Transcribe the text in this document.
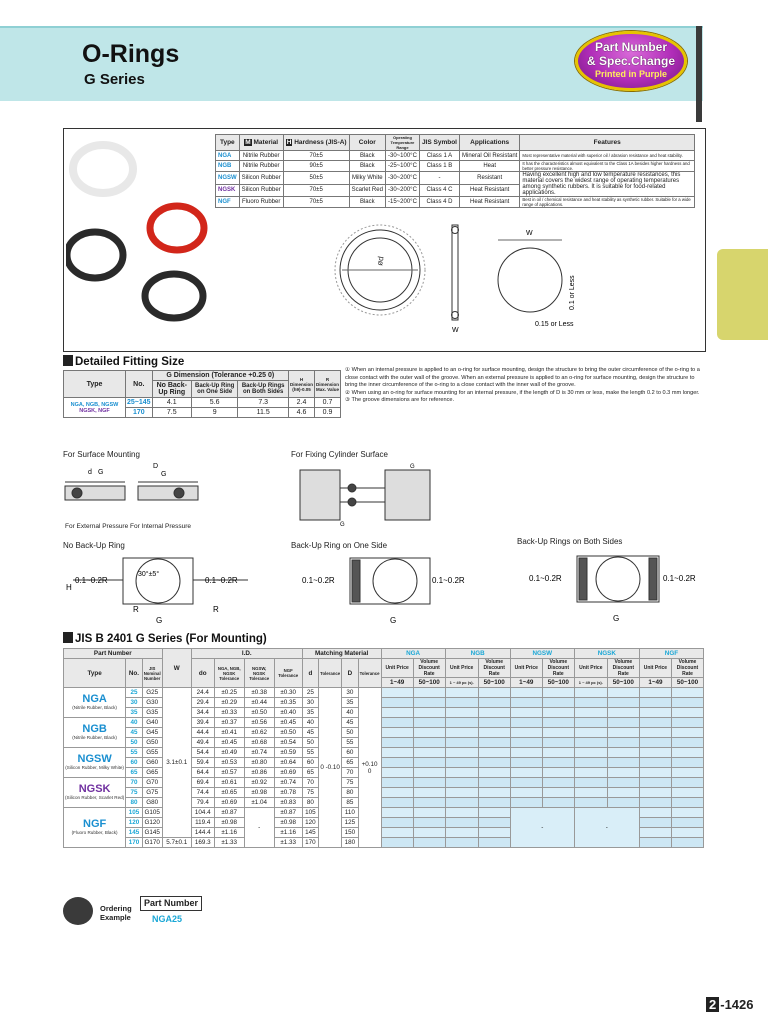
O-Rings
G Series
Part Number
& Spec.Change
Printed in Purple
Type	M Material	H Hardness (JIS-A)	Color	Operating Temperature Range	JIS Symbol	Applications	Features
NGA	Nitrile Rubber	70±5	Black	-30~100°C	Class 1 A	Mineral Oil Resistant	Most representative material with superior oil / abrasion resistance and heat stability.
NGB	Nitrile Rubber	90±5	Black	-25~100°C	Class 1 B	Heat	It has the characteristics almost equivalent to the Class 1A besides higher hardness and better pressure resistance.
NGSW	Silicon Rubber	50±5	Milky White	-30~200°C	-	Resistant	Having excellent high and low temperature resistances, this material covers the widest range of operating temperatures among synthetic rubbers. It is suitable for food-related applications.
NGSK	Silicon Rubber	70±5	Scarlet Red	-30~200°C	Class 4 C	Heat Resistant	
NGF	Fluoro Rubber	70±5	Black	-15~200°C	Class 4 D	Heat Resistant	Best in oil / chemical resistance and heat stability as synthetic rubber. Suitable for a wide range of applications.
ød
W
W
0.1 or Less
0.15 or Less
Detailed Fitting Size
Type	No.	G Dimension (Tolerance +0.25 0)			H Dimension (h9)-0.05	R Dimension Max. Value
		No Back-Up Ring	Back-Up Ring on One Side	Back-Up Rings on Both Sides		
NGA, NGB, NGSW
NGSK, NGF	25~145	4.1	5.6	7.3	2.4	0.7
	170	7.5	9	11.5	4.6	0.9
① When an internal pressure is applied to an o-ring for surface mounting, design the structure to bring the outer circumference of the o-ring to a close contact with the outer wall of the groove. When an external pressure is applied to an o-ring for surface mounting, design the structure to bring the inner circumference of the o-ring to a close contact with the inner wall of the groove.
② When using an o-ring for surface mounting for an internal pressure, if the length of D is 30 mm or less, make the length 0.2 to 0.3 mm longer.
③ The groove dimensions are for reference.
For Surface Mounting	For Fixing Cylinder Surface
d G
D
G
For External Pressure For Internal Pressure
G
G
No Back-Up Ring	Back-Up Ring on One Side	Back-Up Rings on Both Sides
0.1~0.2R	0.1~0.2R
30°±5°
R	R
G
H
0.1~0.2R	0.1~0.2R
G
0.1~0.2R	0.1~0.2R
G
JIS B 2401 G Series (For Mounting)
Part Number			W	I.D.				Matching Material				NGA		NGB		NGSW		NGSK		NGF	
Type	No.	JIS Nominal Number		do	NGA, NGB, NGSK Tolerance	NGSW, NGSK Tolerance	NGF Tolerance	d	Tolerance	D	Tolerance	Unit Price	Volume Discount Rate	Unit Price	Volume Discount Rate	Unit Price	Volume Discount Rate	Unit Price	Volume Discount Rate	Unit Price	Volume Discount Rate
												1~49	50~100	1 ~ 49 pc (s).	50~100	1~49	50~100	1 ~ 49 pc (s).	50~100	1~49	50~100
NGA
(Nitrile Rubber, Black)	25	G25	3.1±0.1	24.4	±0.25	±0.38	±0.30	25	0 -0.10	30	+0.10 0										
	30	G30		29.4	±0.29	±0.44	±0.35	30		35											
	35	G35		34.4	±0.33	±0.50	±0.40	35		40											
NGB
(Nitrile Rubber, Black)	40	G40		39.4	±0.37	±0.56	±0.45	40		45											
	45	G45		44.4	±0.41	±0.62	±0.50	45		50											
	50	G50		49.4	±0.45	±0.68	±0.54	50		55											
NGSW
(Silicon Rubber, Milky White)	55	G55		54.4	±0.49	±0.74	±0.59	55		60											
	60	G60		59.4	±0.53	±0.80	±0.64	60		65											
	65	G65		64.4	±0.57	±0.86	±0.69	65		70											
NGSK
(Silicon Rubber, Scarlet Red)	70	G70		69.4	±0.61	±0.92	±0.74	70		75											
	75	G75		74.4	±0.65	±0.98	±0.78	75		80											
	80	G80		79.4	±0.69	±1.04	±0.83	80		85											
NGF
(Fluoro Rubber, Black)	105	G105		104.4	±0.87	-	±0.87	105		110						-		-			
	120	G120		119.4	±0.98		±0.98	120		125											
	145	G145		144.4	±1.16		±1.16	145		150											
	170	G170	5.7±0.1	169.3	±1.33		±1.33	170		180											
Ordering
Example
Part Number
NGA25
2 -1426
